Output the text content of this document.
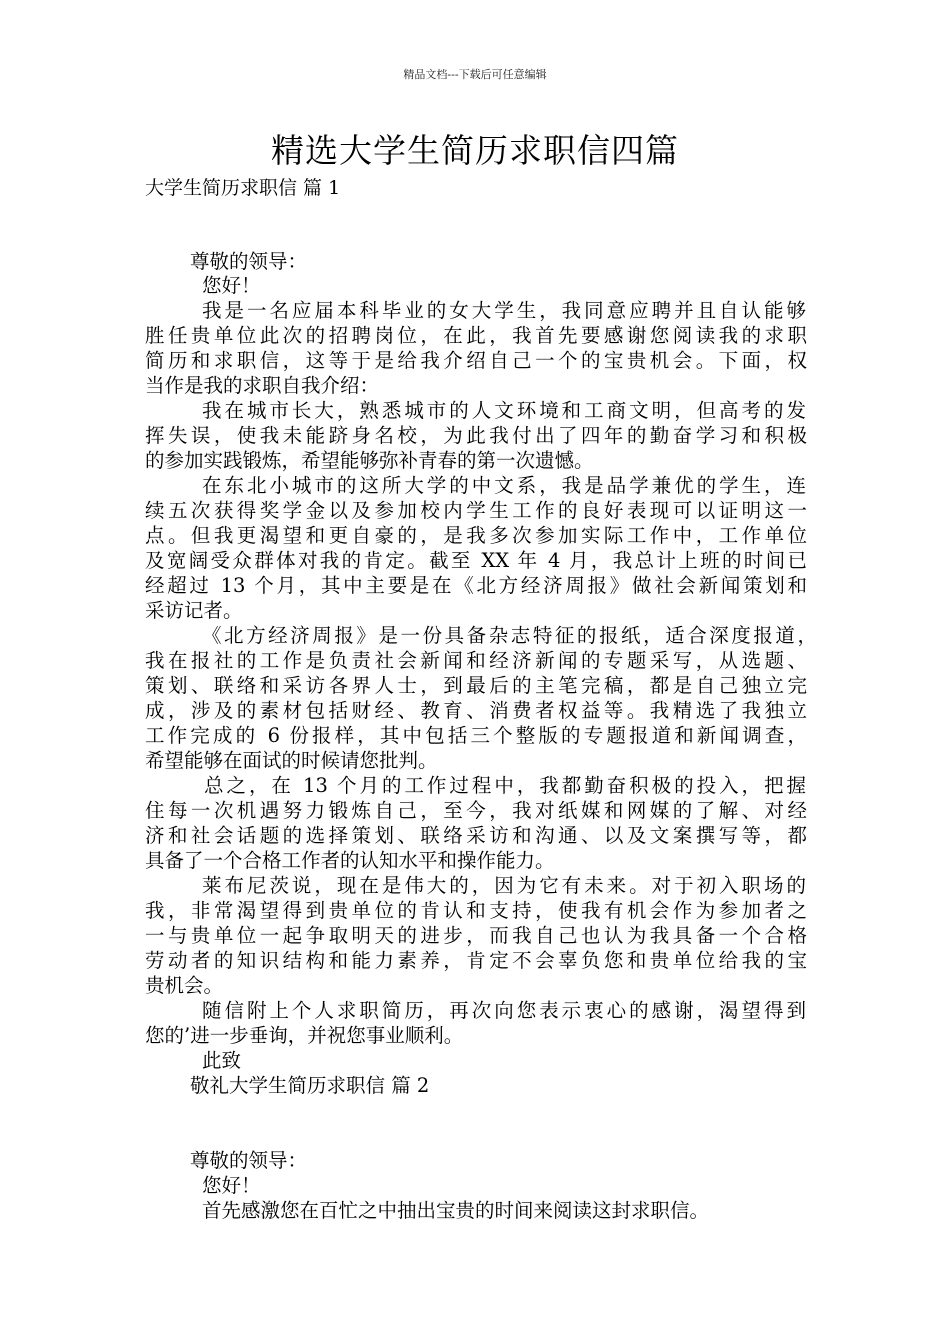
精品文档---下载后可任意编辑
精选大学生简历求职信四篇
大学生简历求职信 篇 1
尊敬的领导：
您好！
我是一名应届本科毕业的女大学生，我同意应聘并且自认能够
胜任贵单位此次的招聘岗位，在此，我首先要感谢您阅读我的求职
简历和求职信，这等于是给我介绍自己一个的宝贵机会。下面，权
当作是我的求职自我介绍：
我在城市长大，熟悉城市的人文环境和工商文明，但高考的发
挥失误，使我未能跻身名校，为此我付出了四年的勤奋学习和积极
的参加实践锻炼，希望能够弥补青春的第一次遗憾。
在东北小城市的这所大学的中文系，我是品学兼优的学生，连
续五次获得奖学金以及参加校内学生工作的良好表现可以证明这一
点。但我更渴望和更自豪的，是我多次参加实际工作中，工作单位
及宽阔受众群体对我的肯定。截至 XX 年 4 月，我总计上班的时间已
经超过 13 个月，其中主要是在《北方经济周报》做社会新闻策划和
采访记者。
《北方经济周报》是一份具备杂志特征的报纸，适合深度报道，
我在报社的工作是负责社会新闻和经济新闻的专题采写，从选题、
策划、联络和采访各界人士，到最后的主笔完稿，都是自己独立完
成，涉及的素材包括财经、教育、消费者权益等。我精选了我独立
工作完成的 6 份报样，其中包括三个整版的专题报道和新闻调查，
希望能够在面试的时候请您批判。
总之，在 13 个月的工作过程中，我都勤奋积极的投入，把握
住每一次机遇努力锻炼自己，至今，我对纸媒和网媒的了解、对经
济和社会话题的选择策划、联络采访和沟通、以及文案撰写等，都
具备了一个合格工作者的认知水平和操作能力。
莱布尼茨说，现在是伟大的，因为它有未来。对于初入职场的
我，非常渴望得到贵单位的肯认和支持，使我有机会作为参加者之
一与贵单位一起争取明天的进步，而我自己也认为我具备一个合格
劳动者的知识结构和能力素养，肯定不会辜负您和贵单位给我的宝
贵机会。
随信附上个人求职简历，再次向您表示衷心的感谢，渴望得到
您的’进一步垂询，并祝您事业顺利。
此致
敬礼大学生简历求职信 篇 2
尊敬的领导：
您好！
首先感激您在百忙之中抽出宝贵的时间来阅读这封求职信。
